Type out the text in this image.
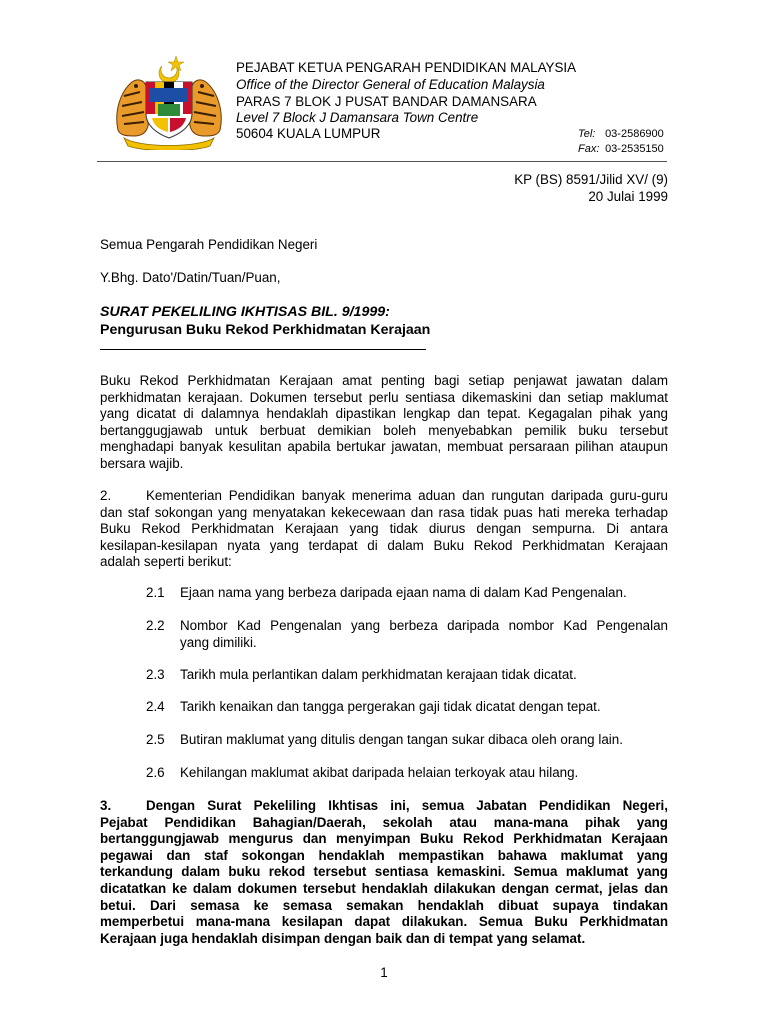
PEJABAT KETUA PENGARAH PENDIDIKAN MALAYSIA
Office of the Director General of Education Malaysia
PARAS 7 BLOK J PUSAT BANDAR DAMANSARA
Level 7 Block J Damansara Town Centre
50604 KUALA LUMPUR	Tel: 03-2586900
Fax: 03-2535150
KP (BS) 8591/Jilid XV/ (9)
20 Julai 1999
Semua Pengarah Pendidikan Negeri
Y.Bhg. Dato'/Datin/Tuan/Puan,
SURAT PEKELILING IKHTISAS BIL. 9/1999:
Pengurusan Buku Rekod Perkhidmatan Kerajaan
Buku Rekod Perkhidmatan Kerajaan amat penting bagi setiap penjawat jawatan dalam
perkhidmatan kerajaan. Dokumen tersebut perlu sentiasa dikemaskini dan setiap maklumat
yang dicatat di dalamnya hendaklah dipastikan lengkap dan tepat. Kegagalan pihak yang
bertanggugjawab untuk berbuat demikian boleh menyebabkan pemilik buku tersebut
menghadapi banyak kesulitan apabila bertukar jawatan, membuat persaraan pilihan ataupun
bersara wajib.
2.	Kementerian Pendidikan banyak menerima aduan dan rungutan daripada guru-guru
dan staf sokongan yang menyatakan kekecewaan dan rasa tidak puas hati mereka terhadap
Buku Rekod Perkhidmatan Kerajaan yang tidak diurus dengan sempurna. Di antara
kesilapan-kesilapan nyata yang terdapat di dalam Buku Rekod Perkhidmatan Kerajaan
adalah seperti berikut:
2.1 Ejaan nama yang berbeza daripada ejaan nama di dalam Kad Pengenalan.
2.2 Nombor Kad Pengenalan yang berbeza daripada nombor Kad Pengenalan
yang dimiliki.
2.3 Tarikh mula perlantikan dalam perkhidmatan kerajaan tidak dicatat.
2.4 Tarikh kenaikan dan tangga pergerakan gaji tidak dicatat dengan tepat.
2.5 Butiran maklumat yang ditulis dengan tangan sukar dibaca oleh orang lain.
2.6 Kehilangan maklumat akibat daripada helaian terkoyak atau hilang.
3.	Dengan Surat Pekeliling Ikhtisas ini, semua Jabatan Pendidikan Negeri,
Pejabat Pendidikan Bahagian/Daerah, sekolah atau mana-mana pihak yang
bertanggungjawab mengurus dan menyimpan Buku Rekod Perkhidmatan Kerajaan
pegawai dan staf sokongan hendaklah mempastikan bahawa maklumat yang
terkandung dalam buku rekod tersebut sentiasa kemaskini. Semua maklumat yang
dicatatkan ke dalam dokumen tersebut hendaklah dilakukan dengan cermat, jelas dan
betui. Dari semasa ke semasa semakan hendaklah dibuat supaya tindakan
memperbetui mana-mana kesilapan dapat dilakukan. Semua Buku Perkhidmatan
Kerajaan juga hendaklah disimpan dengan baik dan di tempat yang selamat.
1
